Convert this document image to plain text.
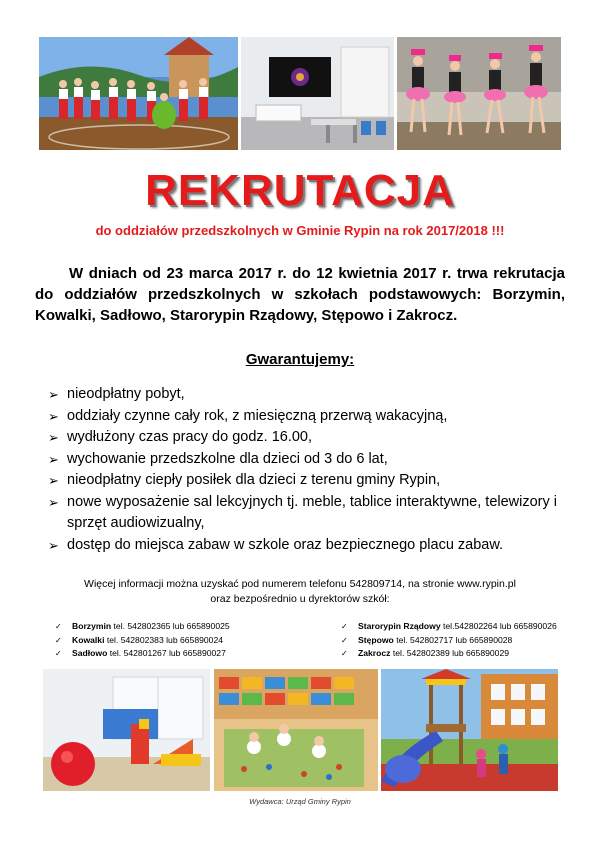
REKRUTACJA
do oddziałów przedszkolnych w Gminie Rypin na rok 2017/2018 !!!
W dniach od 23 marca 2017 r. do 12 kwietnia 2017 r. trwa rekrutacja do oddziałów przedszkolnych w szkołach podstawowych: Borzymin, Kowalki, Sadłowo, Starorypin Rządowy, Stępowo i Zakrocz.
Gwarantujemy:
➢ nieodpłatny pobyt,
➢ oddziały czynne cały rok, z miesięczną przerwą wakacyjną,
➢ wydłużony czas pracy do godz. 16.00,
➢ wychowanie przedszkolne dla dzieci od 3 do 6 lat,
➢ nieodpłatny ciepły posiłek dla dzieci z terenu gminy Rypin,
➢ nowe wyposażenie sal lekcyjnych tj. meble, tablice interaktywne, telewizory i sprzęt audiowizualny,
➢ dostęp do miejsca zabaw w szkole oraz bezpiecznego placu zabaw.
Więcej informacji można uzyskać pod numerem telefonu 542809714, na stronie www.rypin.pl
oraz bezpośrednio u dyrektorów szkół:
✓ Borzymin tel. 542802365 lub 665890025
✓ Kowalki tel. 542802383 lub 665890024
✓ Sadłowo tel. 542801267 lub 665890027
✓ Starorypin Rządowy tel.542802264 lub 665890026
✓ Stępowo tel. 542802717 lub 665890028
✓ Zakrocz tel. 542802389 lub 665890029
Wydawca: Urząd Gminy Rypin
